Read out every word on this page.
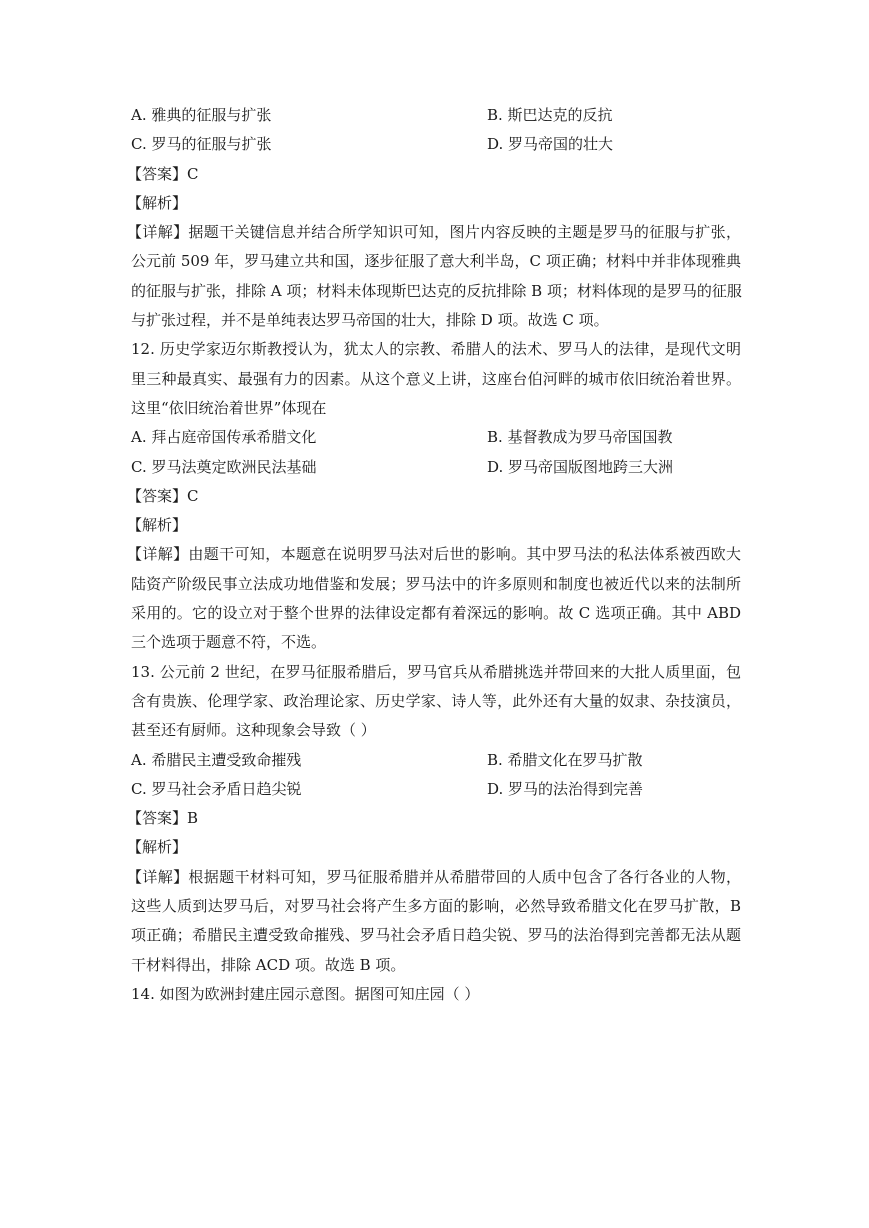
A. 雅典的征服与扩张	B. 斯巴达克的反抗
C. 罗马的征服与扩张	D. 罗马帝国的壮大
【答案】C
【解析】
【详解】据题干关键信息并结合所学知识可知，图片内容反映的主题是罗马的征服与扩张，
公元前 509 年，罗马建立共和国，逐步征服了意大利半岛，C 项正确；材料中并非体现雅典
的征服与扩张，排除 A 项；材料未体现斯巴达克的反抗排除 B 项；材料体现的是罗马的征服
与扩张过程，并不是单纯表达罗马帝国的壮大，排除 D 项。故选 C 项。
12. 历史学家迈尔斯教授认为，犹太人的宗教、希腊人的法术、罗马人的法律，是现代文明
里三种最真实、最强有力的因素。从这个意义上讲，这座台伯河畔的城市依旧统治着世界。
这里“依旧统治着世界”体现在
A. 拜占庭帝国传承希腊文化	B. 基督教成为罗马帝国国教
C. 罗马法奠定欧洲民法基础	D. 罗马帝国版图地跨三大洲
【答案】C
【解析】
【详解】由题干可知，本题意在说明罗马法对后世的影响。其中罗马法的私法体系被西欧大
陆资产阶级民事立法成功地借鉴和发展；罗马法中的许多原则和制度也被近代以来的法制所
采用的。它的设立对于整个世界的法律设定都有着深远的影响。故 C 选项正确。其中 ABD
三个选项于题意不符，不选。
13. 公元前 2 世纪，在罗马征服希腊后，罗马官兵从希腊挑选并带回来的大批人质里面，包
含有贵族、伦理学家、政治理论家、历史学家、诗人等，此外还有大量的奴隶、杂技演员，
甚至还有厨师。这种现象会导致（ ）
A. 希腊民主遭受致命摧残	B. 希腊文化在罗马扩散
C. 罗马社会矛盾日趋尖锐	D. 罗马的法治得到完善
【答案】B
【解析】
【详解】根据题干材料可知，罗马征服希腊并从希腊带回的人质中包含了各行各业的人物，
这些人质到达罗马后，对罗马社会将产生多方面的影响，必然导致希腊文化在罗马扩散，B
项正确；希腊民主遭受致命摧残、罗马社会矛盾日趋尖锐、罗马的法治得到完善都无法从题
干材料得出，排除 ACD 项。故选 B 项。
14. 如图为欧洲封建庄园示意图。据图可知庄园（ ）
